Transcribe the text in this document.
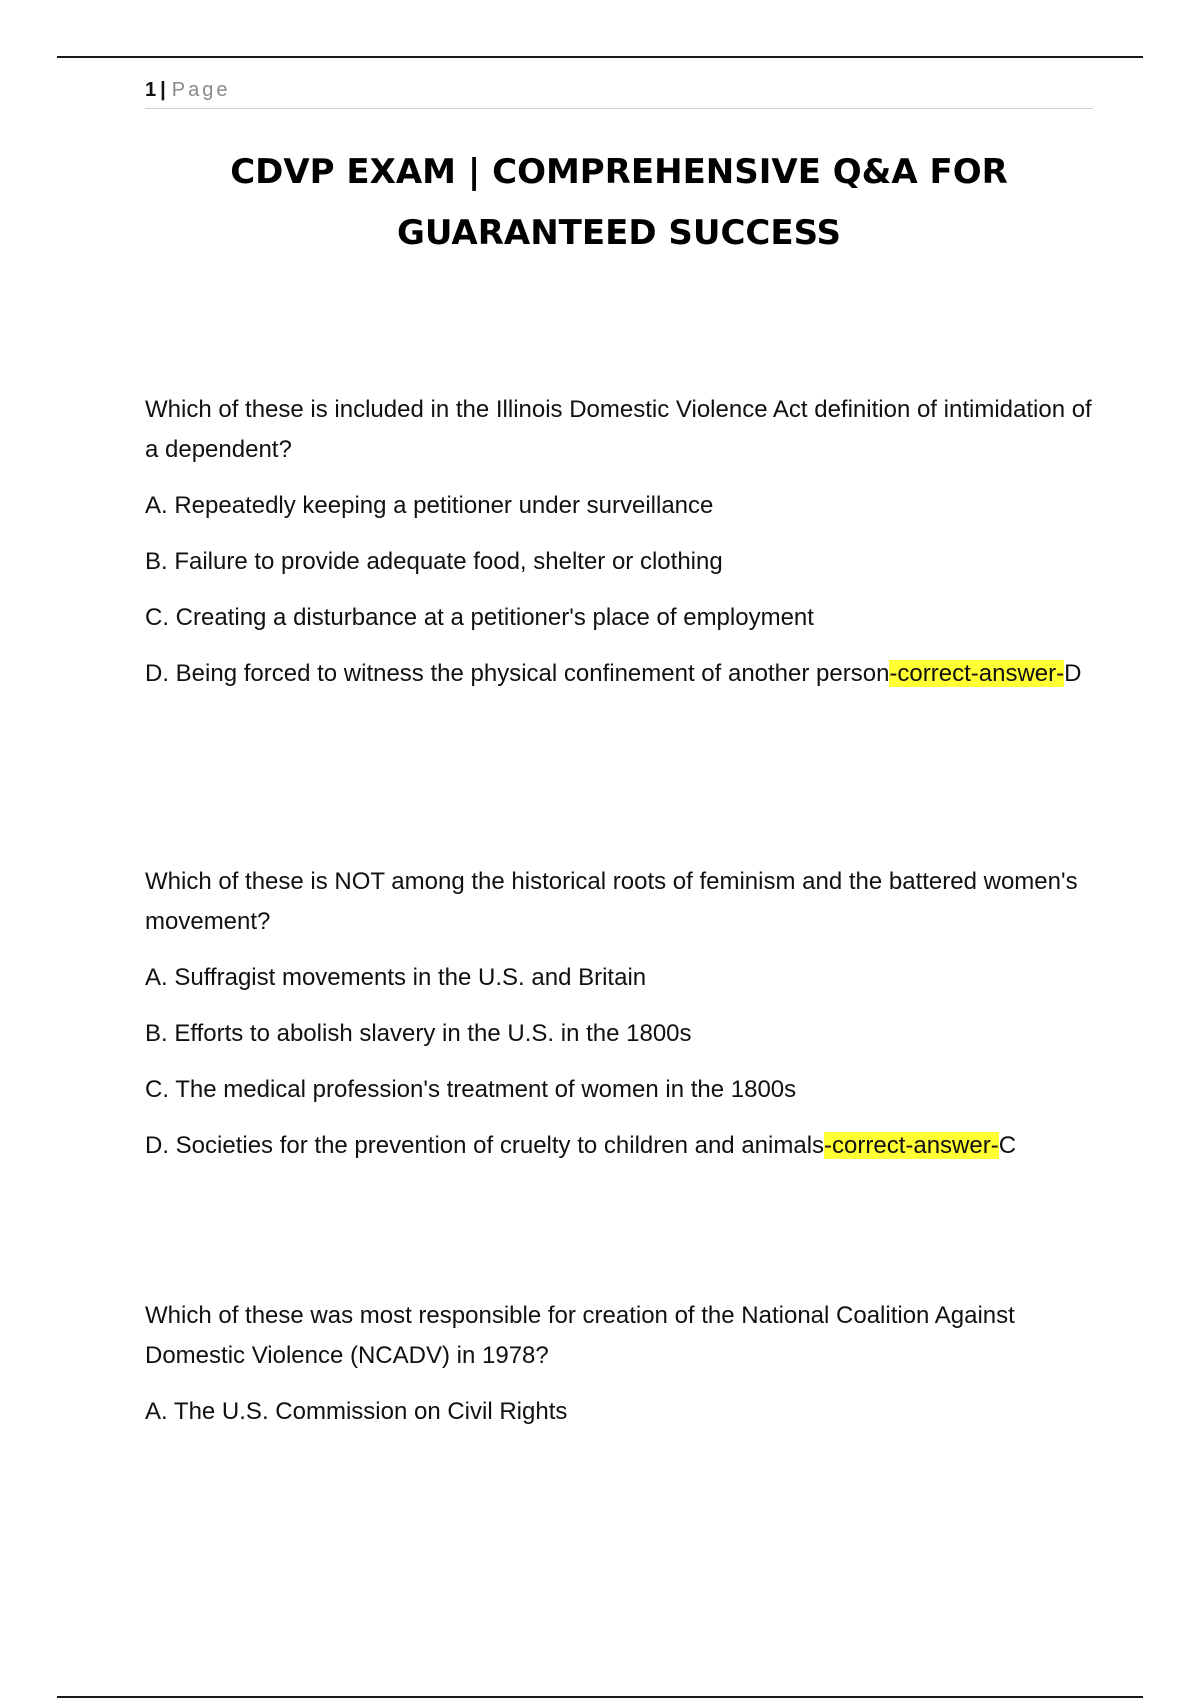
1 | Page
CDVP EXAM | COMPREHENSIVE Q&A FOR GUARANTEED SUCCESS

Which of these is included in the Illinois Domestic Violence Act definition of intimidation of a dependent?

A. Repeatedly keeping a petitioner under surveillance

B. Failure to provide adequate food, shelter or clothing

C. Creating a disturbance at a petitioner's place of employment

D. Being forced to witness the physical confinement of another person-correct-answer-D

Which of these is NOT among the historical roots of feminism and the battered women's movement?

A. Suffragist movements in the U.S. and Britain

B. Efforts to abolish slavery in the U.S. in the 1800s

C. The medical profession's treatment of women in the 1800s

D. Societies for the prevention of cruelty to children and animals-correct-answer-C

Which of these was most responsible for creation of the National Coalition Against Domestic Violence (NCADV) in 1978?

A. The U.S. Commission on Civil Rights
